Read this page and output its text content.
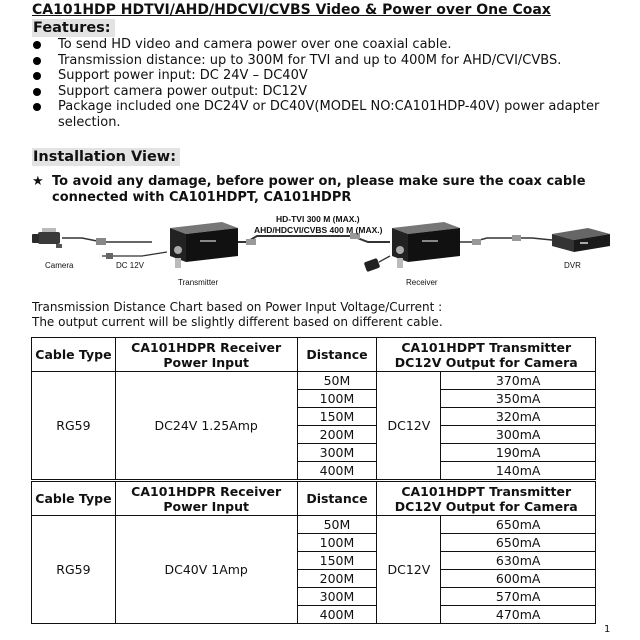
CA101HDP HDTVI/AHD/HDCVI/CVBS Video & Power over One Coax
Features:
To send HD video and camera power over one coaxial cable.
Transmission distance: up to 300M for TVI and up to 400M for AHD/CVI/CVBS.
Support power input: DC 24V – DC40V
Support camera power output: DC12V
Package included one DC24V or DC40V(MODEL NO:CA101HDP-40V) power adapter selection.
Installation View:
★ To avoid any damage, before power on, please make sure the coax cable connected with CA101HDPT, CA101HDPR
HD-TVI 300 M (MAX.)
AHD/HDCVI/CVBS 400 M (MAX.)
Camera	DC 12V
Transmitter	Receiver
DVR
Transmission Distance Chart based on Power Input Voltage/Current :
The output current will be slightly different based on different cable.
Cable Type	CA101HDPR Receiver Power Input	Distance	CA101HDPT Transmitter DC12V Output for Camera	
RG59	DC24V 1.25Amp	50M	DC12V	370mA
		100M		350mA
		150M		320mA
		200M		300mA
		300M		190mA
		400M		140mA
Cable Type	CA101HDPR Receiver Power Input	Distance	CA101HDPT Transmitter DC12V Output for Camera	
RG59	DC40V 1Amp	50M	DC12V	650mA
		100M		650mA
		150M		630mA
		200M		600mA
		300M		570mA
		400M		470mA
1
